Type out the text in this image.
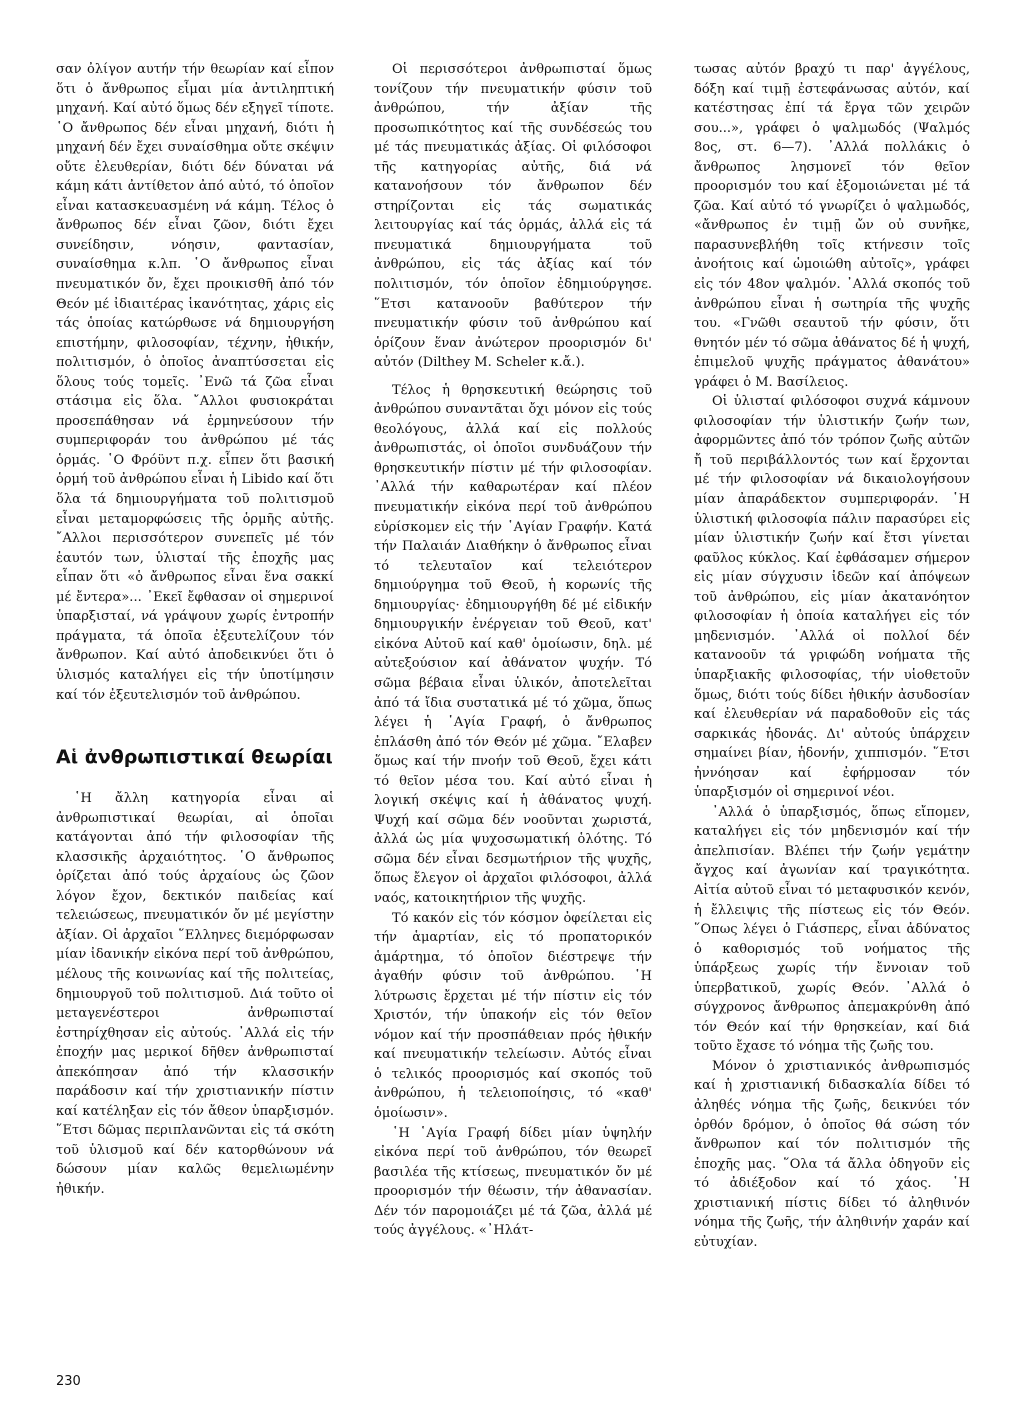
σαν ὀλίγον αυτήν τήν θεωρίαν καί εἶπον ὅτι ὁ ἄνθρωπος εἶμαι μία ἀντιληπτική μηχανή. Καί αὐτό ὅμως δέν εξηγεῖ τίποτε. ῾Ο ἄνθρωπος δέν εἶναι μηχανή, διότι ἡ μηχανή δέν ἔχει συναίσθημα οὔτε σκέψιν οὔτε ἐλευθερίαν, διότι δέν δύναται νά κάμη κάτι ἀντίθετον ἀπό αὐτό, τό ὁποῖον εἶναι κατασκευασμένη νά κάμη. Τέλος ὁ ἄνθρωπος δέν εἶναι ζῶον, διότι ἔχει συνείδησιν, νόησιν, φαντασίαν, συναίσθημα κ.λπ. ῾Ο ἄνθρωπος εἶναι πνευματικόν ὄν, ἔχει προικισθῆ ἀπό τόν Θεόν μέ ἰδιαιτέρας ἱκανότητας, χάρις εἰς τάς ὁποίας κατώρθωσε νά δημιουργήση επιστήμην, φιλοσοφίαν, τέχνην, ἠθικήν, πολιτισμόν, ὁ ὁποῖος ἀναπτύσσεται εἰς ὅλους τούς τομεῖς. ᾿Ενῶ τά ζῶα εἶναι στάσιμα εἰς ὅλα. ῎Αλλοι φυσιοκράται προσεπάθησαν νά ἑρμηνεύσουν τήν συμπεριφοράν του ἀνθρώπου μέ τάς ὁρμάς. ῾Ο Φρόϋντ π.χ. εἶπεν ὅτι βασική ὁρμή τοῦ ἀνθρώπου εἶναι ἡ Libido καί ὅτι ὅλα τά δημιουργήματα τοῦ πολιτισμοῦ εἶναι μεταμορφώσεις τῆς ὁρμῆς αὐτῆς. ῎Αλλοι περισσότερον συνεπεῖς μέ τόν ἑαυτόν των, ὑλισταί τῆς ἐποχῆς μας εἶπαν ὅτι «ὁ ἄνθρωπος εἶναι ἕνα σακκί μέ ἔντερα»... ᾿Εκεῖ ἔφθασαν οἱ σημερινοί ὑπαρξισταί, νά γράψουν χωρίς ἐντροπήν πράγματα, τά ὁποῖα ἐξευτελίζουν τόν ἄνθρωπον. Καί αὐτό ἀποδεικνύει ὅτι ὁ ὑλισμός καταλήγει εἰς τήν ὑποτίμησιν καί τόν ἐξευτελισμόν τοῦ ἀνθρώπου.

Αἱ ἀνθρωπιστικαί θεωρίαι

῾Η ἄλλη κατηγορία εἶναι αἱ ἀνθρωπιστικαί θεωρίαι, αἱ ὁποῖαι κατάγονται ἀπό τήν φιλοσοφίαν τῆς κλασσικῆς ἀρχαιότητος. ῾Ο ἄνθρωπος ὁρίζεται ἀπό τούς ἀρχαίους ὡς ζῶον λόγον ἔχον, δεκτικόν παιδείας καί τελειώσεως, πνευματικόν ὄν μέ μεγίστην ἀξίαν. Οἱ ἀρχαῖοι ῞Ελληνες διεμόρφωσαν μίαν ἰδανικήν εἰκόνα περί τοῦ ἀνθρώπου, μέλους τῆς κοινωνίας καί τῆς πολιτείας, δημιουργοῦ τοῦ πολιτισμοῦ. Διά τοῦτο οἱ μεταγενέστεροι ἀνθρωπισταί ἐστηρίχθησαν εἰς αὐτούς. ᾿Αλλά εἰς τήν ἐποχήν μας μερικοί δῆθεν ἀνθρωπισταί ἀπεκόπησαν ἀπό τήν κλασσικήν παράδοσιν καί τήν χριστιανικήν πίστιν καί κατέληξαν εἰς τόν ἄθεον ὑπαρξισμόν. ῞Ετσι δῶμας περιπλανῶνται εἰς τά σκότη τοῦ ὑλισμοῦ καί δέν κατορθώνουν νά δώσουν μίαν καλῶς θεμελιωμένην ἠθικήν.

Οἱ περισσότεροι ἀνθρωπισταί ὅμως τονίζουν τήν πνευματικήν φύσιν τοῦ ἀνθρώπου, τήν ἀξίαν τῆς προσωπικότητος καί τῆς συνδέσεώς του μέ τάς πνευματικάς ἀξίας. Οἱ φιλόσοφοι τῆς κατηγορίας αὐτῆς, διά νά κατανοήσουν τόν ἄνθρωπον δέν στηρίζονται εἰς τάς σωματικάς λειτουργίας καί τάς ὁρμάς, ἀλλά εἰς τά πνευματικά δημιουργήματα τοῦ ἀνθρώπου, εἰς τάς ἀξίας καί τόν πολιτισμόν, τόν ὁποῖον ἐδημιούργησε. ῞Ετσι κατανοοῦν βαθύτερον τήν πνευματικήν φύσιν τοῦ ἀνθρώπου καί ὁρίζουν ἕναν ἀνώτερον προορισμόν δι' αὐτόν (Dilthey M. Scheler κ.ἄ.).

Τέλος ἡ θρησκευτική θεώρησις τοῦ ἀνθρώπου συναντᾶται ὄχι μόνον εἰς τούς θεολόγους, ἀλλά καί εἰς πολλούς ἀνθρωπιστάς, οἱ ὁποῖοι συνδυάζουν τήν θρησκευτικήν πίστιν μέ τήν φιλοσοφίαν. ᾿Αλλά τήν καθαρωτέραν καί πλέον πνευματικήν εἰκόνα περί τοῦ ἀνθρώπου εὑρίσκομεν εἰς τήν ῾Αγίαν Γραφήν. Κατά τήν Παλαιάν Διαθήκην ὁ ἄνθρωπος εἶναι τό τελευταῖον καί τελειότερον δημιούργημα τοῦ Θεοῦ, ἡ κορωνίς τῆς δημιουργίας· ἐδημιουργήθη δέ μέ εἰδικήν δημιουργικήν ἐνέργειαν τοῦ Θεοῦ, κατ' εἰκόνα Αὐτοῦ καί καθ' ὁμοίωσιν, δηλ. μέ αὐτεξούσιον καί ἀθάνατον ψυχήν. Τό σῶμα βέβαια εἶναι ὑλικόν, ἀποτελεῖται ἀπό τά ἴδια συστατικά μέ τό χῶμα, ὅπως λέγει ἡ ῾Αγία Γραφή, ὁ ἄνθρωπος ἐπλάσθη ἀπό τόν Θεόν μέ χῶμα. ῎Ελαβεν ὅμως καί τήν πνοήν τοῦ Θεοῦ, ἔχει κάτι τό θεῖον μέσα του. Καί αὐτό εἶναι ἡ λογική σκέψις καί ἡ ἀθάνατος ψυχή. Ψυχή καί σῶμα δέν νοοῦνται χωριστά, ἀλλά ὡς μία ψυχοσωματική ὁλότης. Τό σῶμα δέν εἶναι δεσμωτήριον τῆς ψυχῆς, ὅπως ἔλεγον οἱ ἀρχαῖοι φιλόσοφοι, ἀλλά ναός, κατοικητήριον τῆς ψυχῆς.

Τό κακόν εἰς τόν κόσμον ὀφείλεται εἰς τήν ἁμαρτίαν, εἰς τό προπατορικόν ἁμάρτημα, τό ὁποῖον διέστρεψε τήν ἀγαθήν φύσιν τοῦ ἀνθρώπου. ῾Η λύτρωσις ἔρχεται μέ τήν πίστιν εἰς τόν Χριστόν, τήν ὑπακοήν εἰς τόν θεῖον νόμον καί τήν προσπάθειαν πρός ἠθικήν καί πνευματικήν τελείωσιν. Αὐτός εἶναι ὁ τελικός προορισμός καί σκοπός τοῦ ἀνθρώπου, ἡ τελειοποίησις, τό «καθ' ὁμοίωσιν».

῾Η ῾Αγία Γραφή δίδει μίαν ὑψηλήν εἰκόνα περί τοῦ ἀνθρώπου, τόν θεωρεῖ βασιλέα τῆς κτίσεως, πνευματικόν ὄν μέ προορισμόν τήν θέωσιν, τήν ἀθανασίαν. Δέν τόν παρομοιάζει μέ τά ζῶα, ἀλλά μέ τούς ἀγγέλους. «᾿Ηλάτ-

τωσας αὐτόν βραχύ τι παρ' ἀγγέλους, δόξη καί τιμῇ ἐστεφάνωσας αὐτόν, καί κατέστησας ἐπί τά ἔργα τῶν χειρῶν σου...», γράφει ὁ ψαλμωδός (Ψαλμός 8ος, στ. 6—7). ᾿Αλλά πολλάκις ὁ ἄνθρωπος λησμονεῖ τόν θεῖον προορισμόν του καί ἐξομοιώνεται μέ τά ζῶα. Καί αὐτό τό γνωρίζει ὁ ψαλμωδός, «ἄνθρωπος ἐν τιμῇ ὤν οὐ συνῆκε, παρασυνεβλήθη τοῖς κτήνεσιν τοῖς ἀνοήτοις καί ὡμοιώθη αὐτοῖς», γράφει εἰς τόν 48ον ψαλμόν. ᾿Αλλά σκοπός τοῦ ἀνθρώπου εἶναι ἡ σωτηρία τῆς ψυχῆς του. «Γνῶθι σεαυτοῦ τήν φύσιν, ὅτι θνητόν μέν τό σῶμα ἀθάνατος δέ ἡ ψυχή, ἐπιμελοῦ ψυχῆς πράγματος ἀθανάτου» γράφει ὁ Μ. Βασίλειος.

Οἱ ὑλισταί φιλόσοφοι συχνά κάμνουν φιλοσοφίαν τήν ὑλιστικήν ζωήν των, ἀφορμῶντες ἀπό τόν τρόπον ζωῆς αὐτῶν ἤ τοῦ περιβάλλοντός των καί ἔρχονται μέ τήν φιλοσοφίαν νά δικαιολογήσουν μίαν ἀπαράδεκτον συμπεριφοράν. ῾Η ὑλιστική φιλοσοφία πάλιν παρασύρει εἰς μίαν ὑλιστικήν ζωήν καί ἔτσι γίνεται φαῦλος κύκλος. Καί ἐφθάσαμεν σήμερον εἰς μίαν σύγχυσιν ἰδεῶν καί ἀπόψεων τοῦ ἀνθρώπου, εἰς μίαν ἀκατανόητον φιλοσοφίαν ἡ ὁποία καταλήγει εἰς τόν μηδενισμόν. ᾿Αλλά οἱ πολλοί δέν κατανοοῦν τά γριφώδη νοήματα τῆς ὑπαρξιακῆς φιλοσοφίας, τήν υἱοθετοῦν ὅμως, διότι τούς δίδει ἠθικήν ἀσυδοσίαν καί ἐλευθερίαν νά παραδοθοῦν εἰς τάς σαρκικάς ἡδονάς. Δι' αὐτούς ὑπάρχειν σημαίνει βίαν, ἡδονήν, χιππισμόν. ῞Ετσι ἠννόησαν καί ἐφήρμοσαν τόν ὑπαρξισμόν οἱ σημερινοί νέοι.

᾿Αλλά ὁ ὑπαρξισμός, ὅπως εἴπομεν, καταλήγει εἰς τόν μηδενισμόν καί τήν ἀπελπισίαν. Βλέπει τήν ζωήν γεμάτην ἄγχος καί ἀγωνίαν καί τραγικότητα. Αἰτία αὐτοῦ εἶναι τό μεταφυσικόν κενόν, ἡ ἔλλειψις τῆς πίστεως εἰς τόν Θεόν. ῞Οπως λέγει ὁ Γιάσπερς, εἶναι ἀδύνατος ὁ καθορισμός τοῦ νοήματος τῆς ὑπάρξεως χωρίς τήν ἔννοιαν τοῦ ὑπερβατικοῦ, χωρίς Θεόν. ᾿Αλλά ὁ σύγχρονος ἄνθρωπος ἀπεμακρύνθη ἀπό τόν Θεόν καί τήν θρησκείαν, καί διά τοῦτο ἔχασε τό νόημα τῆς ζωῆς του.

Μόνον ὁ χριστιανικός ἀνθρωπισμός καί ἡ χριστιανική διδασκαλία δίδει τό ἀληθές νόημα τῆς ζωῆς, δεικνύει τόν ὀρθόν δρόμον, ὁ ὁποῖος θά σώση τόν ἄνθρωπον καί τόν πολιτισμόν τῆς ἐποχῆς μας. ῞Ολα τά ἄλλα ὁδηγοῦν εἰς τό ἀδιέξοδον καί τό χάος. ῾Η χριστιανική πίστις δίδει τό ἀληθινόν νόημα τῆς ζωῆς, τήν ἀληθινήν χαράν καί εὐτυχίαν.

230
